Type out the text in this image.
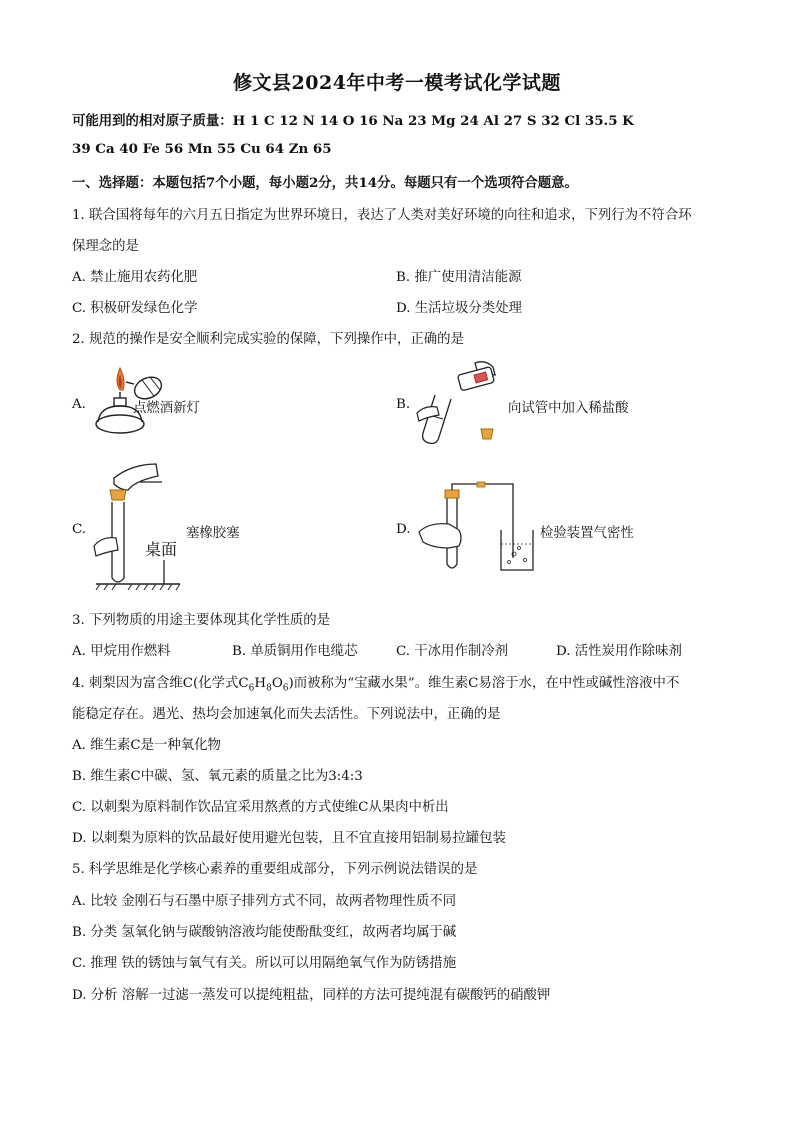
修文县2024年中考一模考试化学试题
可能用到的相对原子质量：H 1 C 12 N 14 O 16 Na 23 Mg 24 Al 27 S 32 Cl 35.5 K
39 Ca 40 Fe 56 Mn 55 Cu 64 Zn 65
一、选择题：本题包括7个小题，每小题2分，共14分。每题只有一个选项符合题意。
1. 联合国将每年的六月五日指定为世界环境日，表达了人类对美好环境的向往和追求，下列行为不符合环
保理念的是
A. 禁止施用农药化肥	B. 推广使用清洁能源
C. 积极研发绿色化学	D. 生活垃圾分类处理
2. 规范的操作是安全顺利完成实验的保障，下列操作中，正确的是
A.	点燃酒新灯	B.	向试管中加入稀盐酸
C.	塞橡胶塞
桌面
D.	检验装置气密性
3. 下列物质的用途主要体现其化学性质的是
A. 甲烷用作燃料	B. 单质铜用作电缆芯	C. 干冰用作制冷剂	D. 活性炭用作除味剂
4. 刺梨因为富含维C(化学式$C_6H_8O_6$)而被称为“宝藏水果”。维生素C易溶于水，在中性或碱性溶液中不
能稳定存在。遇光、热均会加速氧化而失去活性。下列说法中，正确的是
A. 维生素C是一种氧化物
B. 维生素C中碳、氢、氧元素的质量之比为3:4:3
C. 以刺梨为原料制作饮品宜采用熬煮的方式使维C从果肉中析出
D. 以刺梨为原料的饮品最好使用避光包装，且不宜直接用铝制易拉罐包装
5. 科学思维是化学核心素养的重要组成部分，下列示例说法错误的是
A. 比较 金刚石与石墨中原子排列方式不同，故两者物理性质不同
B. 分类 氢氧化钠与碳酸钠溶液均能使酚酞变红，故两者均属于碱
C. 推理 铁的锈蚀与氧气有关。所以可以用隔绝氧气作为防锈措施
D. 分析 溶解一过滤一蒸发可以提纯粗盐，同样的方法可提纯混有碳酸钙的硝酸钾
